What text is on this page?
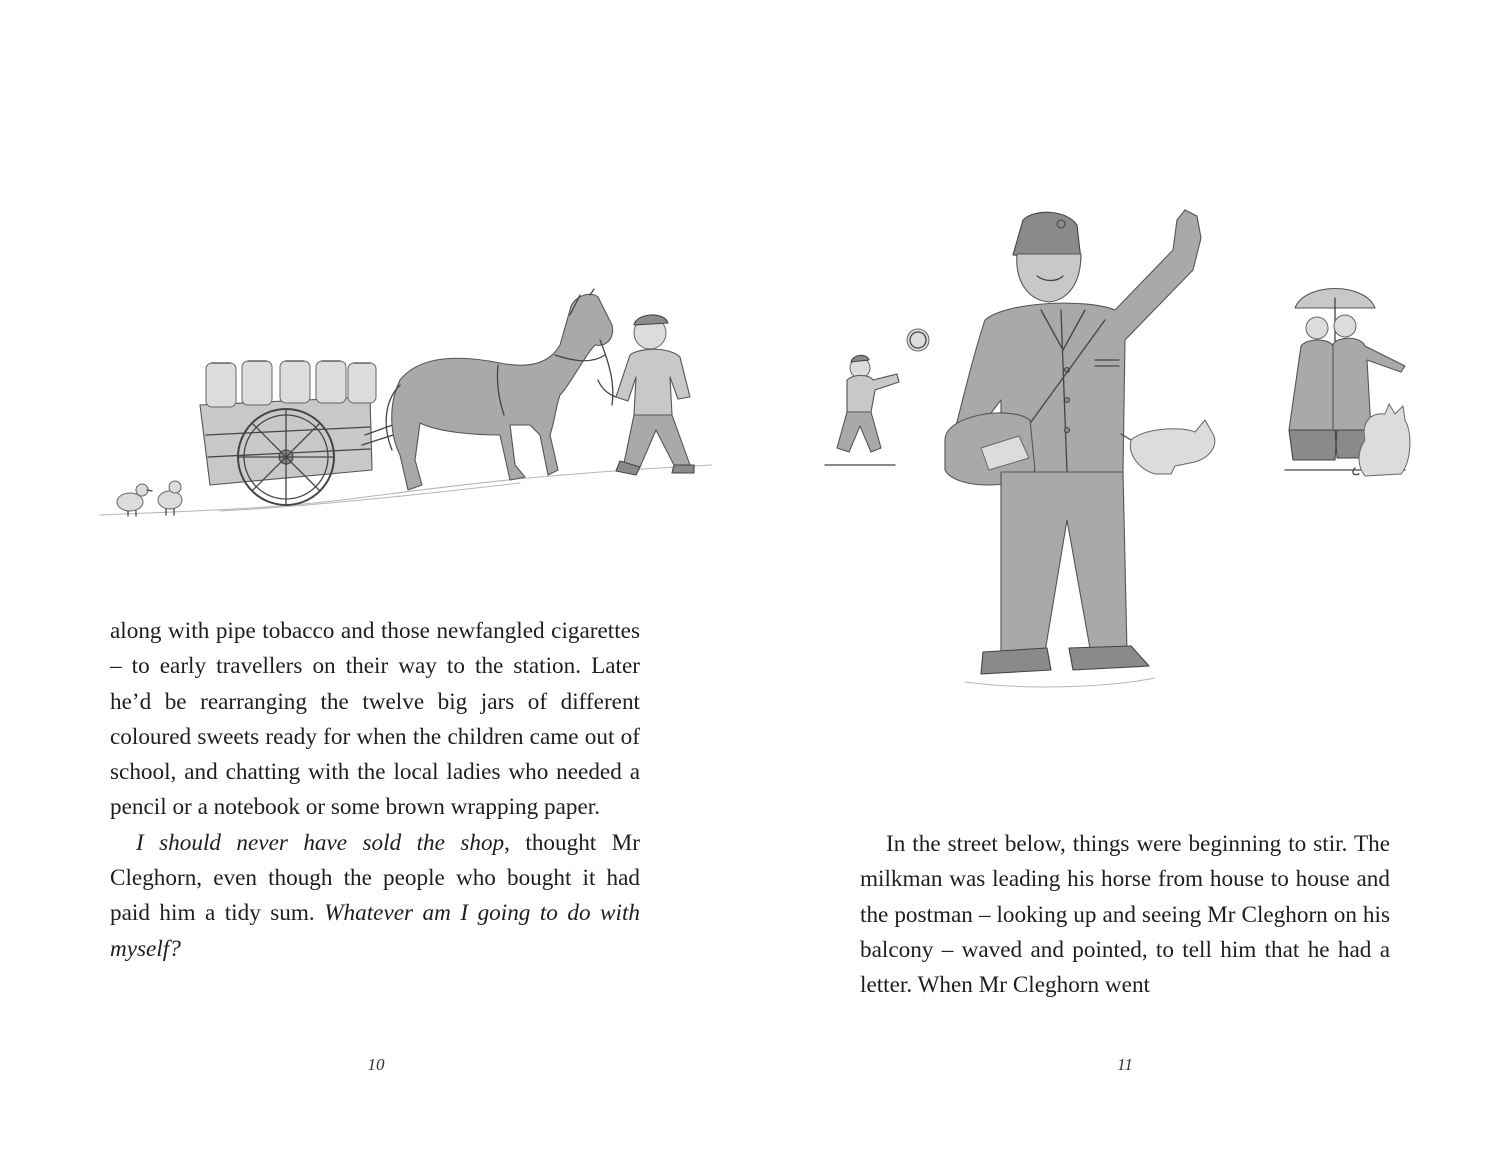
along with pipe tobacco and those newfangled cigarettes – to early travellers on their way to the station. Later he’d be rearranging the twelve big jars of different coloured sweets ready for when the children came out of school, and chatting with the local ladies who needed a pencil or a notebook or some brown wrapping paper.

I should never have sold the shop, thought Mr Cleghorn, even though the people who bought it had paid him a tidy sum. Whatever am I going to do with myself?

10

In the street below, things were beginning to stir. The milkman was leading his horse from house to house and the postman – looking up and seeing Mr Cleghorn on his balcony – waved and pointed, to tell him that he had a letter. When Mr Cleghorn went

11
